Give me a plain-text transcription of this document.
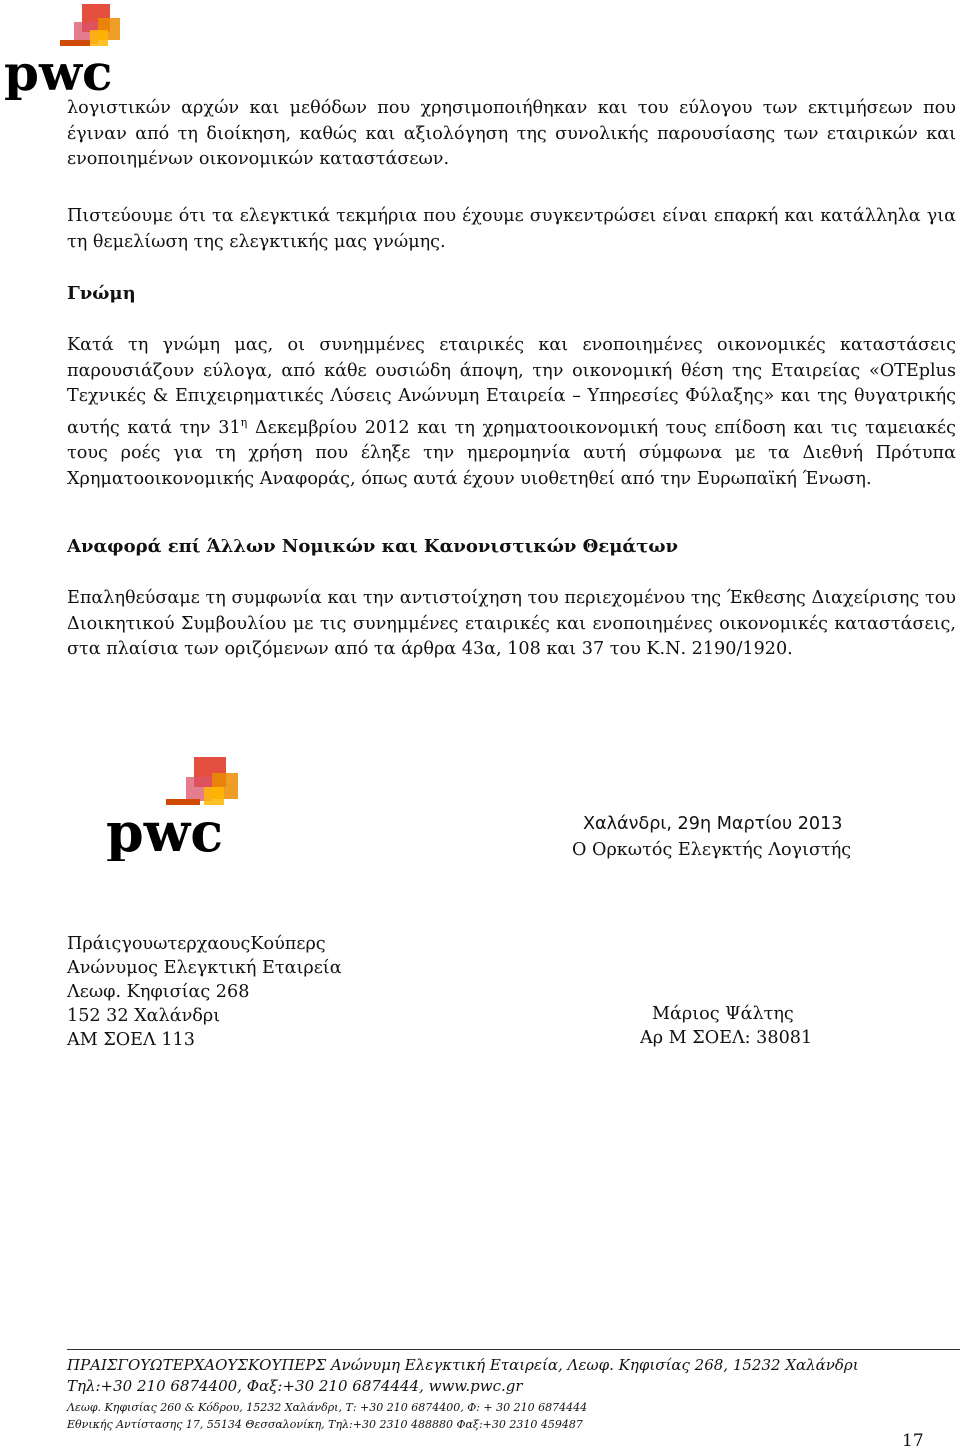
pwc

λογιστικών αρχών και μεθόδων που χρησιμοποιήθηκαν και του εύλογου των εκτιμήσεων που έγιναν από τη διοίκηση, καθώς και αξιολόγηση της συνολικής παρουσίασης των εταιρικών και ενοποιημένων οικονομικών καταστάσεων.

Πιστεύουμε ότι τα ελεγκτικά τεκμήρια που έχουμε συγκεντρώσει είναι επαρκή και κατάλληλα για τη θεμελίωση της ελεγκτικής μας γνώμης.

Γνώμη

Κατά τη γνώμη μας, οι συνημμένες εταιρικές και ενοποιημένες οικονομικές καταστάσεις παρουσιάζουν εύλογα, από κάθε ουσιώδη άποψη, την οικονομική θέση της Εταιρείας «OTEplus Τεχνικές & Επιχειρηματικές Λύσεις Ανώνυμη Εταιρεία – Υπηρεσίες Φύλαξης» και της θυγατρικής αυτής κατά την $31^\eta$ Δεκεμβρίου 2012 και τη χρηματοοικονομική τους επίδοση και τις ταμειακές τους ροές για τη χρήση που έληξε την ημερομηνία αυτή σύμφωνα με τα Διεθνή Πρότυπα Χρηματοοικονομικής Αναφοράς, όπως αυτά έχουν υιοθετηθεί από την Ευρωπαϊκή Ένωση.

Αναφορά επί Άλλων Νομικών και Κανονιστικών Θεμάτων

Επαληθεύσαμε τη συμφωνία και την αντιστοίχηση του περιεχομένου της Έκθεσης Διαχείρισης του Διοικητικού Συμβουλίου με τις συνημμένες εταιρικές και ενοποιημένες οικονομικές καταστάσεις, στα πλαίσια των οριζόμενων από τα άρθρα 43α, 108 και 37 του Κ.Ν. 2190/1920.

pwc	Χαλάνδρι, 29η Μαρτίου 2013
Ο Ορκωτός Ελεγκτής Λογιστής
ΠράιςγουωτερχαουςΚούπερς
Ανώνυμος Ελεγκτική Εταιρεία
Λεωφ. Κηφισίας 268
152 32 Χαλάνδρι
ΑΜ ΣΟΕΛ 113
Μάριος Ψάλτης
Αρ Μ ΣΟΕΛ: 38081
ΠΡΑΙΣΓΟΥΩΤΕΡΧΑΟΥΣΚΟΥΠΕΡΣ Ανώνυμη Ελεγκτική Εταιρεία, Λεωφ. Κηφισίας 268, 15232 Χαλάνδρι
Τηλ:+30 210 6874400, Φαξ:+30 210 6874444, www.pwc.gr
Λεωφ. Κηφισίας 260 & Κόδρου, 15232 Χαλάνδρι, Τ: +30 210 6874400, Φ: + 30 210 6874444
Εθνικής Αντίστασης 17, 55134 Θεσσαλονίκη, Τηλ:+30 2310 488880 Φαξ:+30 2310 459487
17
